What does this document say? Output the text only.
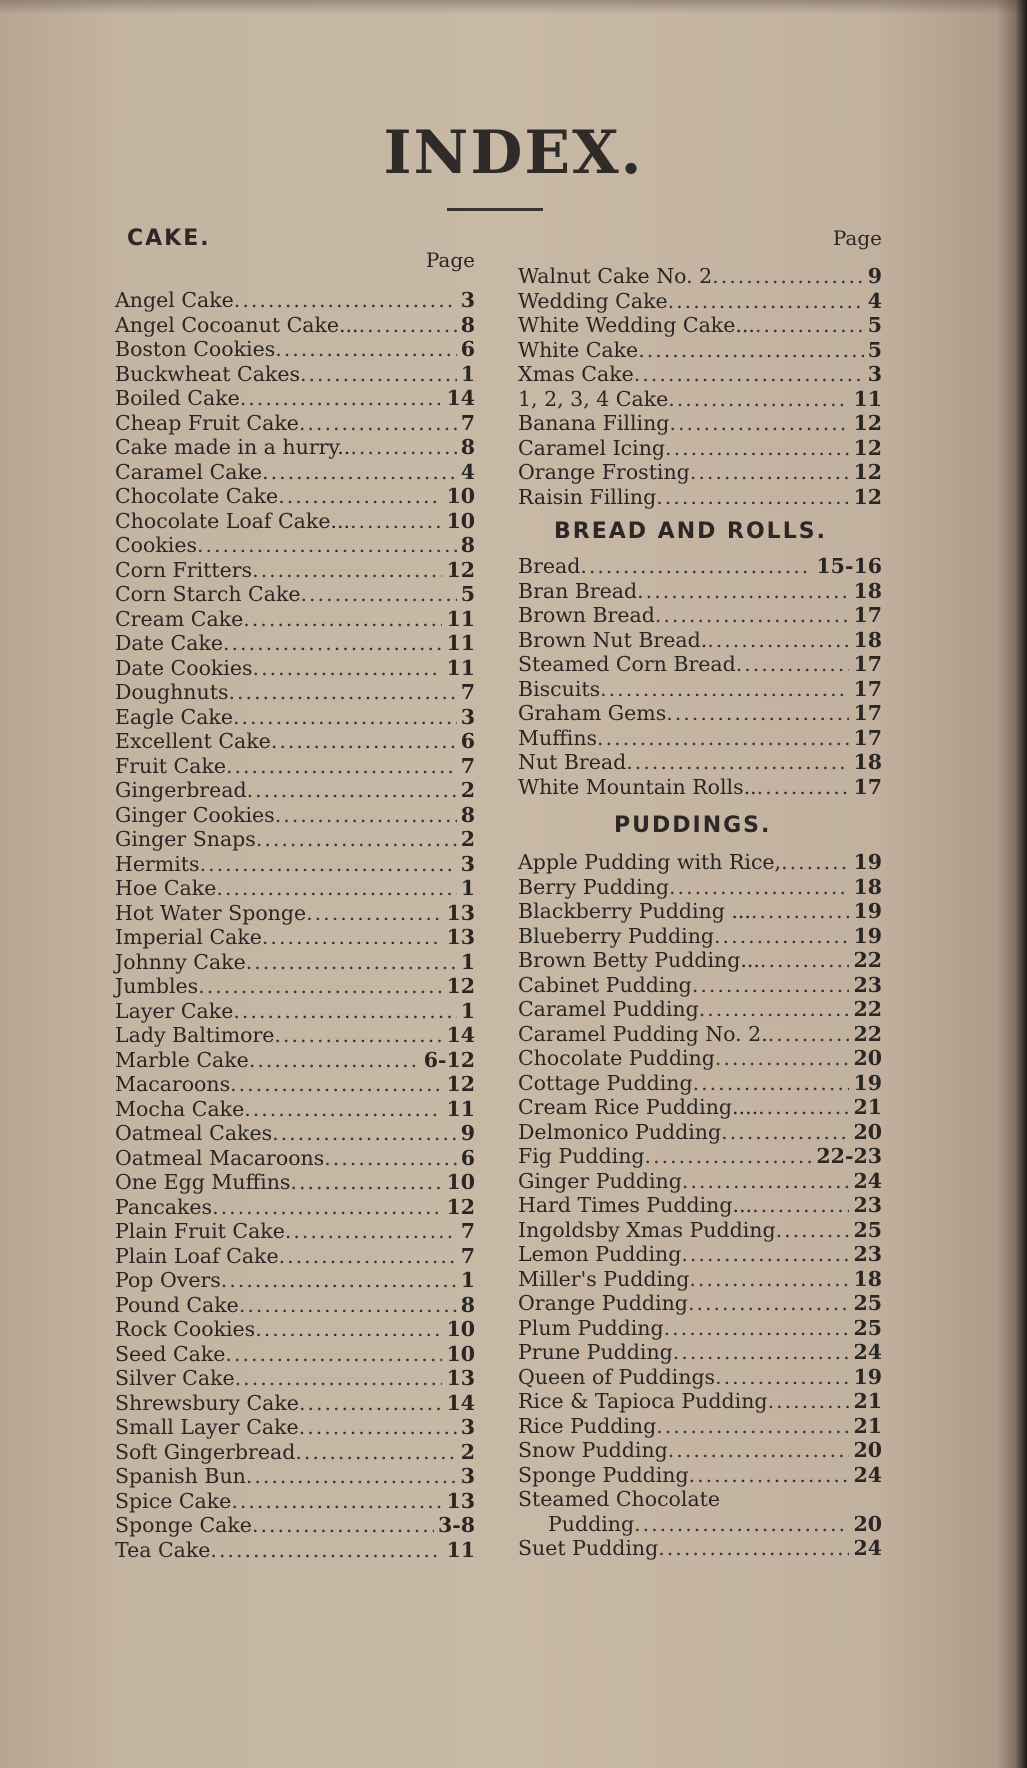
INDEX.
CAKE.
Page
Angel Cake .....	3
Angel Cocoanut Cake... .....	8
Boston Cookies .....	6
Buckwheat Cakes .....	1
Boiled Cake .....	14
Cheap Fruit Cake .....	7
Cake made in a hurry.. .....	8
Caramel Cake .....	4
Chocolate Cake .....	10
Chocolate Loaf Cake... .....	10
Cookies .....	8
Corn Fritters .....	12
Corn Starch Cake .....	5
Cream Cake .....	11
Date Cake .....	11
Date Cookies .....	11
Doughnuts .....	7
Eagle Cake .....	3
Excellent Cake .....	6
Fruit Cake .....	7
Gingerbread .....	2
Ginger Cookies .....	8
Ginger Snaps .....	2
Hermits .....	3
Hoe Cake .....	1
Hot Water Sponge .....	13
Imperial Cake .....	13
Johnny Cake .....	1
Jumbles .....	12
Layer Cake .....	1
Lady Baltimore .....	14
Marble Cake .....	6-12
Macaroons .....	12
Mocha Cake .....	11
Oatmeal Cakes .....	9
Oatmeal Macaroons .....	6
One Egg Muffins .....	10
Pancakes .....	12
Plain Fruit Cake .....	7
Plain Loaf Cake .....	7
Pop Overs .....	1
Pound Cake .....	8
Rock Cookies .....	10
Seed Cake .....	10
Silver Cake .....	13
Shrewsbury Cake .....	14
Small Layer Cake .....	3
Soft Gingerbread .....	2
Spanish Bun .....	3
Spice Cake .....	13
Sponge Cake .....	3-8
Tea Cake .....	11
Page
Walnut Cake No. 2 .....	9
Wedding Cake .....	4
White Wedding Cake... .....	5
White Cake .....	5
Xmas Cake .....	3
1, 2, 3, 4 Cake .....	11
Banana Filling .....	12
Caramel Icing .....	12
Orange Frosting .....	12
Raisin Filling .....	12
BREAD AND ROLLS.
Bread .....	15-16
Bran Bread .....	18
Brown Bread .....	17
Brown Nut Bread. .....	18
Steamed Corn Bread .....	17
Biscuits .....	17
Graham Gems .....	17
Muffins .....	17
Nut Bread .....	18
White Mountain Rolls.. .....	17
PUDDINGS.
Apple Pudding with Rice, .....	19
Berry Pudding .....	18
Blackberry Pudding ... .....	19
Blueberry Pudding .....	19
Brown Betty Pudding... .....	22
Cabinet Pudding .....	23
Caramel Pudding .....	22
Caramel Pudding No. 2. .....	22
Chocolate Pudding .....	20
Cottage Pudding .....	19
Cream Rice Pudding.... .....	21
Delmonico Pudding .....	20
Fig Pudding .....	22-23
Ginger Pudding .....	24
Hard Times Pudding... .....	23
Ingoldsby Xmas Pudding .....	25
Lemon Pudding .....	23
Miller's Pudding .....	18
Orange Pudding .....	25
Plum Pudding .....	25
Prune Pudding .....	24
Queen of Puddings .....	19
Rice & Tapioca Pudding .....	21
Rice Pudding .....	21
Snow Pudding .....	20
Sponge Pudding .....	24
Steamed Chocolate
Pudding .....	20
Suet Pudding .....	24
